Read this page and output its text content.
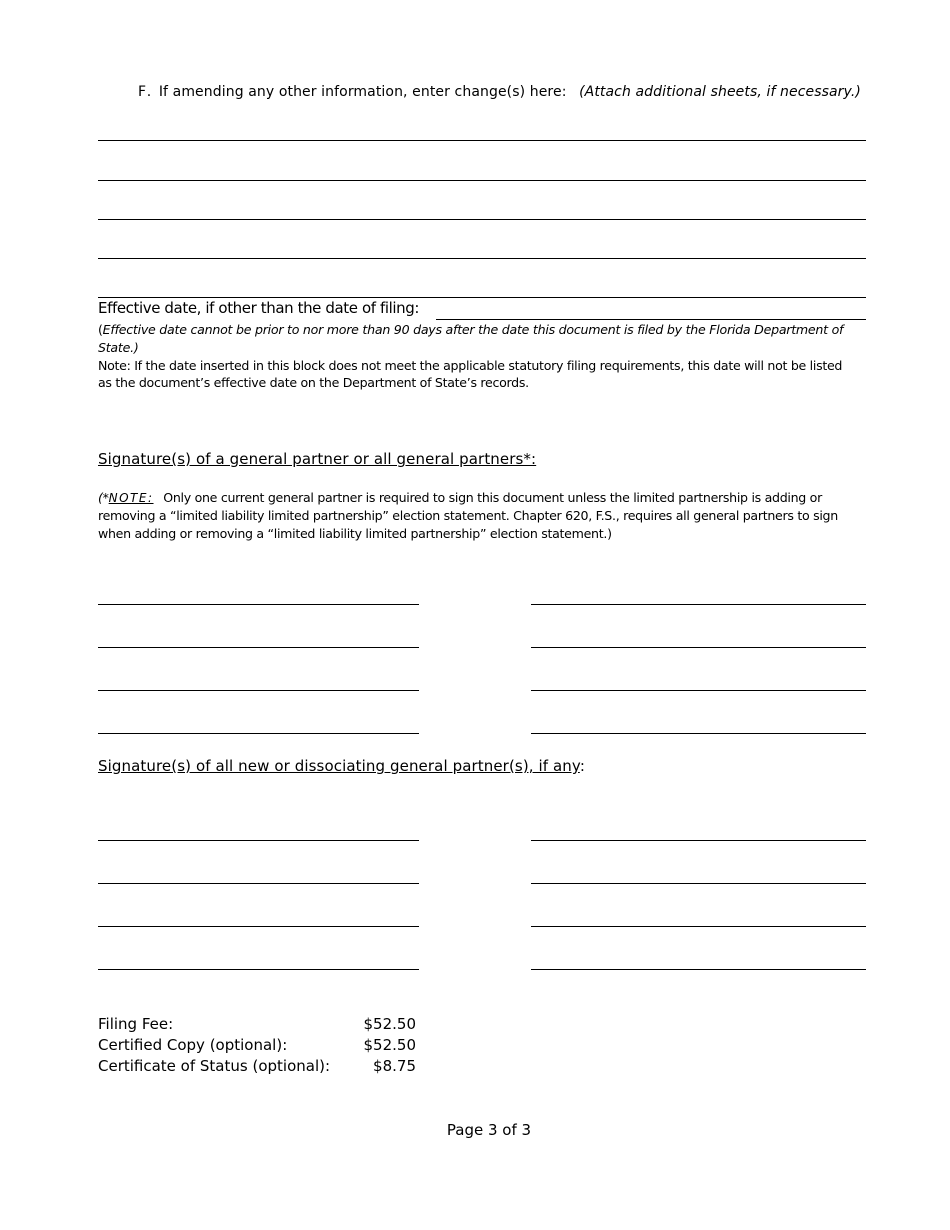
F. If amending any other information, enter change(s) here: (Attach additional sheets, if necessary.)
Effective date, if other than the date of filing:
(Effective date cannot be prior to nor more than 90 days after the date this document is filed by the Florida Department of State.)
Note: If the date inserted in this block does not meet the applicable statutory filing requirements, this date will not be listed as the document’s effective date on the Department of State’s records.
Signature(s) of a general partner or all general partners*:
(*NOTE: Only one current general partner is required to sign this document unless the limited partnership is adding or removing a “limited liability limited partnership” election statement. Chapter 620, F.S., requires all general partners to sign when adding or removing a “limited liability limited partnership” election statement.)
Signature(s) of all new or dissociating general partner(s), if any:
Filing Fee:	$52.50
Certified Copy (optional):	$52.50
Certificate of Status (optional):	$8.75
Page 3 of 3
